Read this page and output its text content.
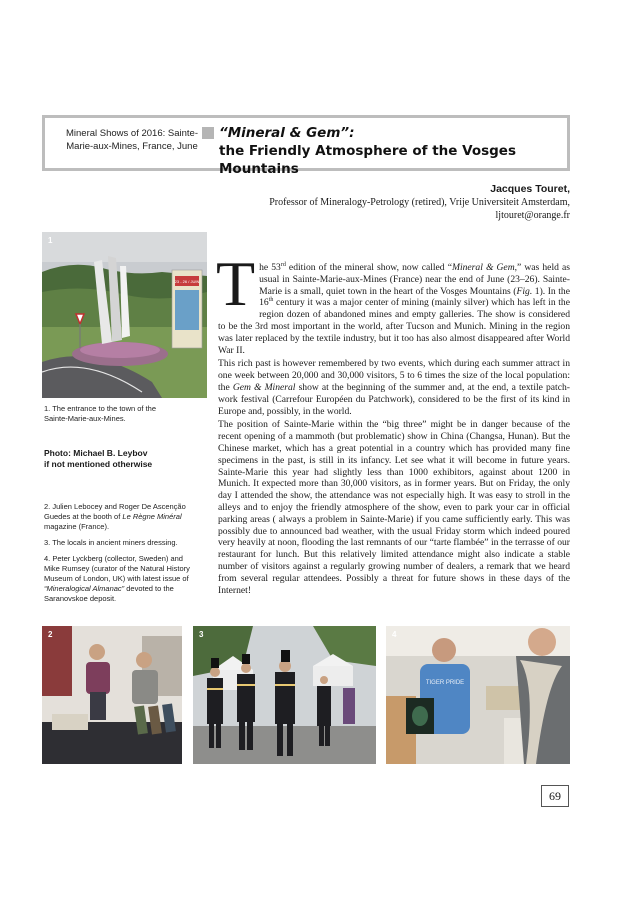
Mineral Shows of 2016: Sainte-Marie-aux-Mines, France, June
“Mineral & Gem”:
the Friendly Atmosphere of the Vosges Mountains
Jacques Touret,
Professor of Mineralogy-Petrology (retired), Vrije Universiteit Amsterdam,
ljtouret@orange.fr
23 - 26 / JUIN
1
1. The entrance to the town of the Sainte-Marie-aux-Mines.
Photo: Michael B. Leybov
if not mentioned otherwise

2. Julien Lebocey and Roger De Ascenção Guedes at the booth of Le Règne Minéral magazine (France).

3. The locals in ancient miners dressing.

4. Peter Lyckberg (collector, Sweden) and Mike Rumsey (curator of the Natural History Museum of London, UK) with latest issue of “Mineralogical Almanac” devoted to the Saranovskoe deposit.

The 53rd edition of the mineral show, now called “Mineral & Gem,” was held as usual in Sainte-Marie-aux-Mines (France) near the end of June (23–26). Sainte-Marie is a small, quiet town in the heart of the Vosges Mountains (Fig. 1). In the 16th century it was a major center of mining (mainly silver) which has left in the region dozen of abandoned mines and empty galleries. The show is considered to be the 3rd most important in the world, after Tucson and Munich. Mining in the region was later replaced by the textile industry, but it too has also almost disappeared after World War II.

This rich past is however remembered by two events, which during each summer attract in one week between 20,000 and 30,000 visitors, 5 to 6 times the size of the local population: the Gem & Mineral show at the beginning of the summer and, at the end, a textile patch-work festival (Carrefour Européen du Patchwork), considered to be the first of its kind in Europe and, possibly, in the world.

The position of Sainte-Marie within the “big three” might be in danger because of the recent opening of a mammoth (but problematic) show in China (Changsa, Hunan). But the Chinese market, which has a great potential in a country which has provided many fine specimens in the past, is still in its infancy. Let see what it will become in future years. Sainte-Marie this year had slightly less than 1000 exhibitors, against about 1200 in Munich. It expected more than 30,000 visitors, as in former years. But on Friday, the only day I attended the show, the attendance was not especially high. It was easy to stroll in the alleys and to enjoy the friendly atmosphere of the show, even to park your car in official parking areas ( always a problem in Sainte-Marie) if you came sufficiently early. This was possibly due to announced bad weather, with the usual Friday storm which indeed poured very heavily at noon, flooding the last remnants of our “tarte flambée” in the terrasse of our restaurant for lunch. But this relatively limited attendance might also indicate a stable number of visitors against a regularly growing number of dealers, a remark that we heard from several regular attendees. Possibly a threat for future shows in these days of the Internet!

2	3
TIGER PRIDE
4
69
